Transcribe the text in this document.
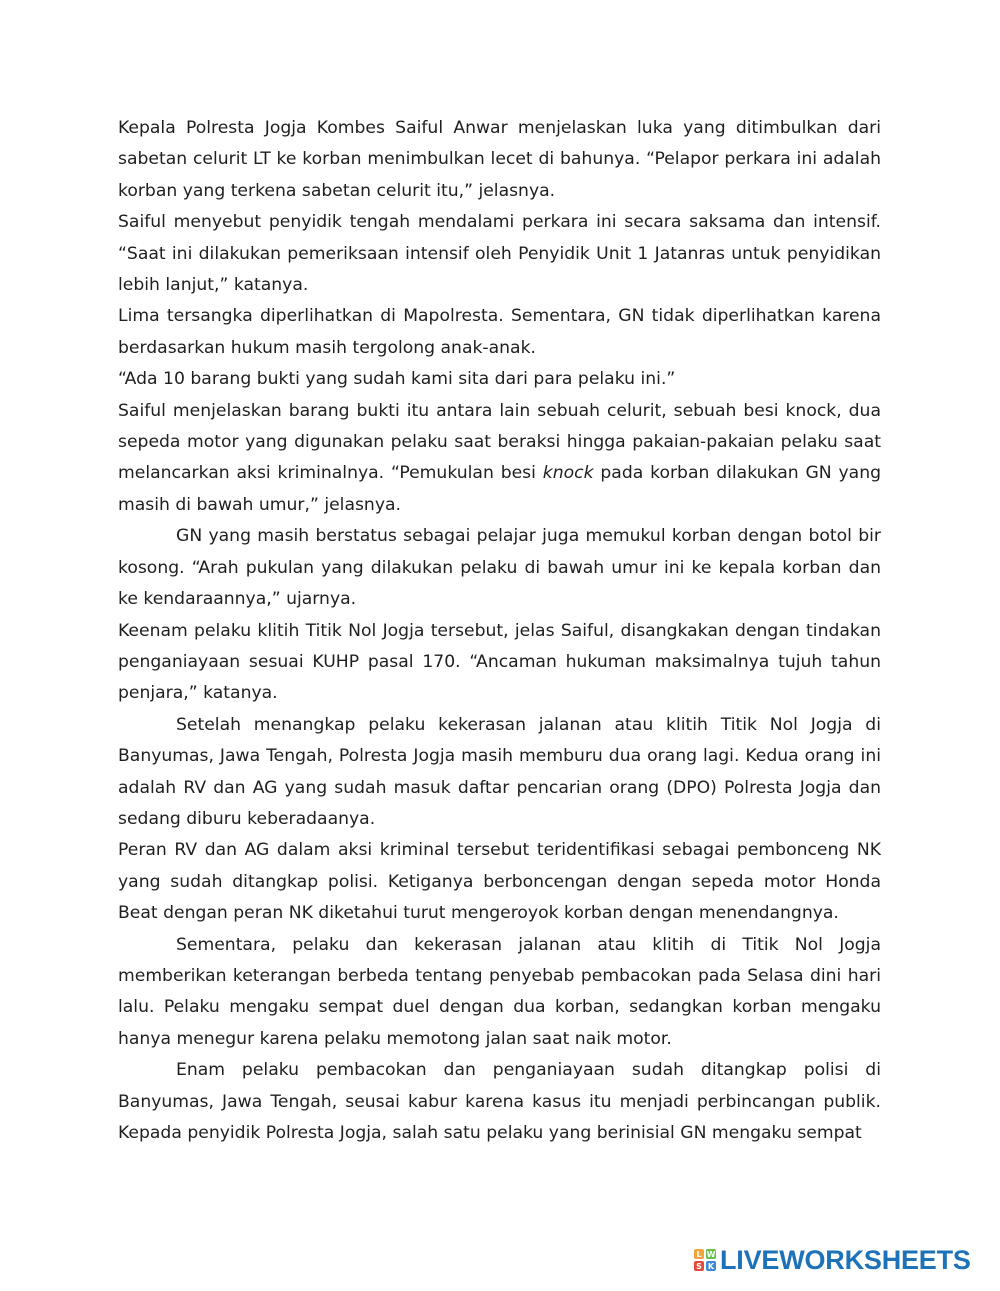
Kepala Polresta Jogja Kombes Saiful Anwar menjelaskan luka yang ditimbulkan dari sabetan celurit LT ke korban menimbulkan lecet di bahunya. “Pelapor perkara ini adalah korban yang terkena sabetan celurit itu,” jelasnya.

Saiful menyebut penyidik tengah mendalami perkara ini secara saksama dan intensif. “Saat ini dilakukan pemeriksaan intensif oleh Penyidik Unit 1 Jatanras untuk penyidikan lebih lanjut,” katanya.

Lima tersangka diperlihatkan di Mapolresta. Sementara, GN tidak diperlihatkan karena berdasarkan hukum masih tergolong anak-anak.

“Ada 10 barang bukti yang sudah kami sita dari para pelaku ini.”

Saiful menjelaskan barang bukti itu antara lain sebuah celurit, sebuah besi knock, dua sepeda motor yang digunakan pelaku saat beraksi hingga pakaian-pakaian pelaku saat melancarkan aksi kriminalnya. “Pemukulan besi knock pada korban dilakukan GN yang masih di bawah umur,” jelasnya.

GN yang masih berstatus sebagai pelajar juga memukul korban dengan botol bir kosong. “Arah pukulan yang dilakukan pelaku di bawah umur ini ke kepala korban dan ke kendaraannya,” ujarnya.

Keenam pelaku klitih Titik Nol Jogja tersebut, jelas Saiful, disangkakan dengan tindakan penganiayaan sesuai KUHP pasal 170. “Ancaman hukuman maksimalnya tujuh tahun penjara,” katanya.

Setelah menangkap pelaku kekerasan jalanan atau klitih Titik Nol Jogja di Banyumas, Jawa Tengah, Polresta Jogja masih memburu dua orang lagi. Kedua orang ini adalah RV dan AG yang sudah masuk daftar pencarian orang (DPO) Polresta Jogja dan sedang diburu keberadaanya.

Peran RV dan AG dalam aksi kriminal tersebut teridentifikasi sebagai pembonceng NK yang sudah ditangkap polisi. Ketiganya berboncengan dengan sepeda motor Honda Beat dengan peran NK diketahui turut mengeroyok korban dengan menendangnya.

Sementara, pelaku dan kekerasan jalanan atau klitih di Titik Nol Jogja memberikan keterangan berbeda tentang penyebab pembacokan pada Selasa dini hari lalu. Pelaku mengaku sempat duel dengan dua korban, sedangkan korban mengaku hanya menegur karena pelaku memotong jalan saat naik motor.

Enam pelaku pembacokan dan penganiayaan sudah ditangkap polisi di Banyumas, Jawa Tengah, seusai kabur karena kasus itu menjadi perbincangan publik. Kepada penyidik Polresta Jogja, salah satu pelaku yang berinisial GN mengaku sempat

L W
S K LIVEWORKSHEETS
